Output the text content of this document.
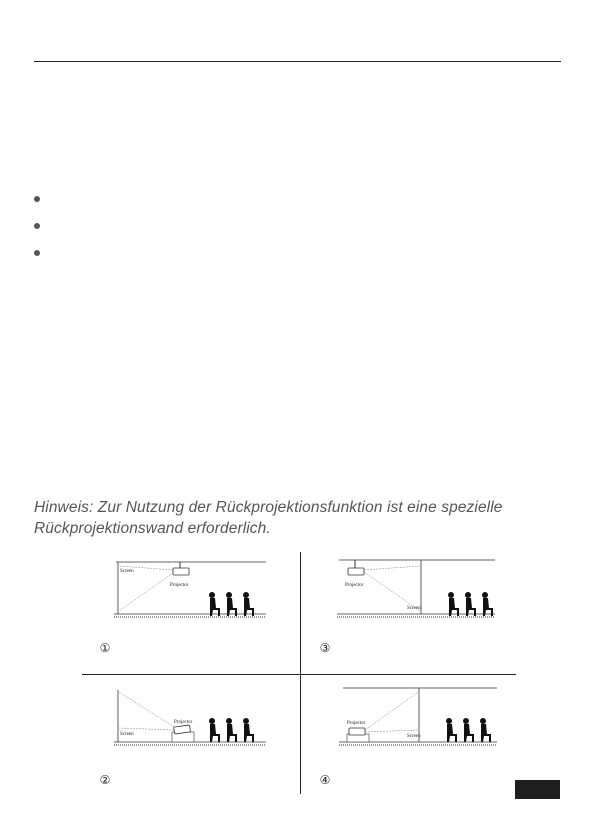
Hinweis: Zur Nutzung der Rückprojektionsfunktion ist eine spezielle
Rückprojektionswand erforderlich.

Screen
Projector
①
Projector
Screen
③
Projector
Screen
②
Projector
Screen
④
